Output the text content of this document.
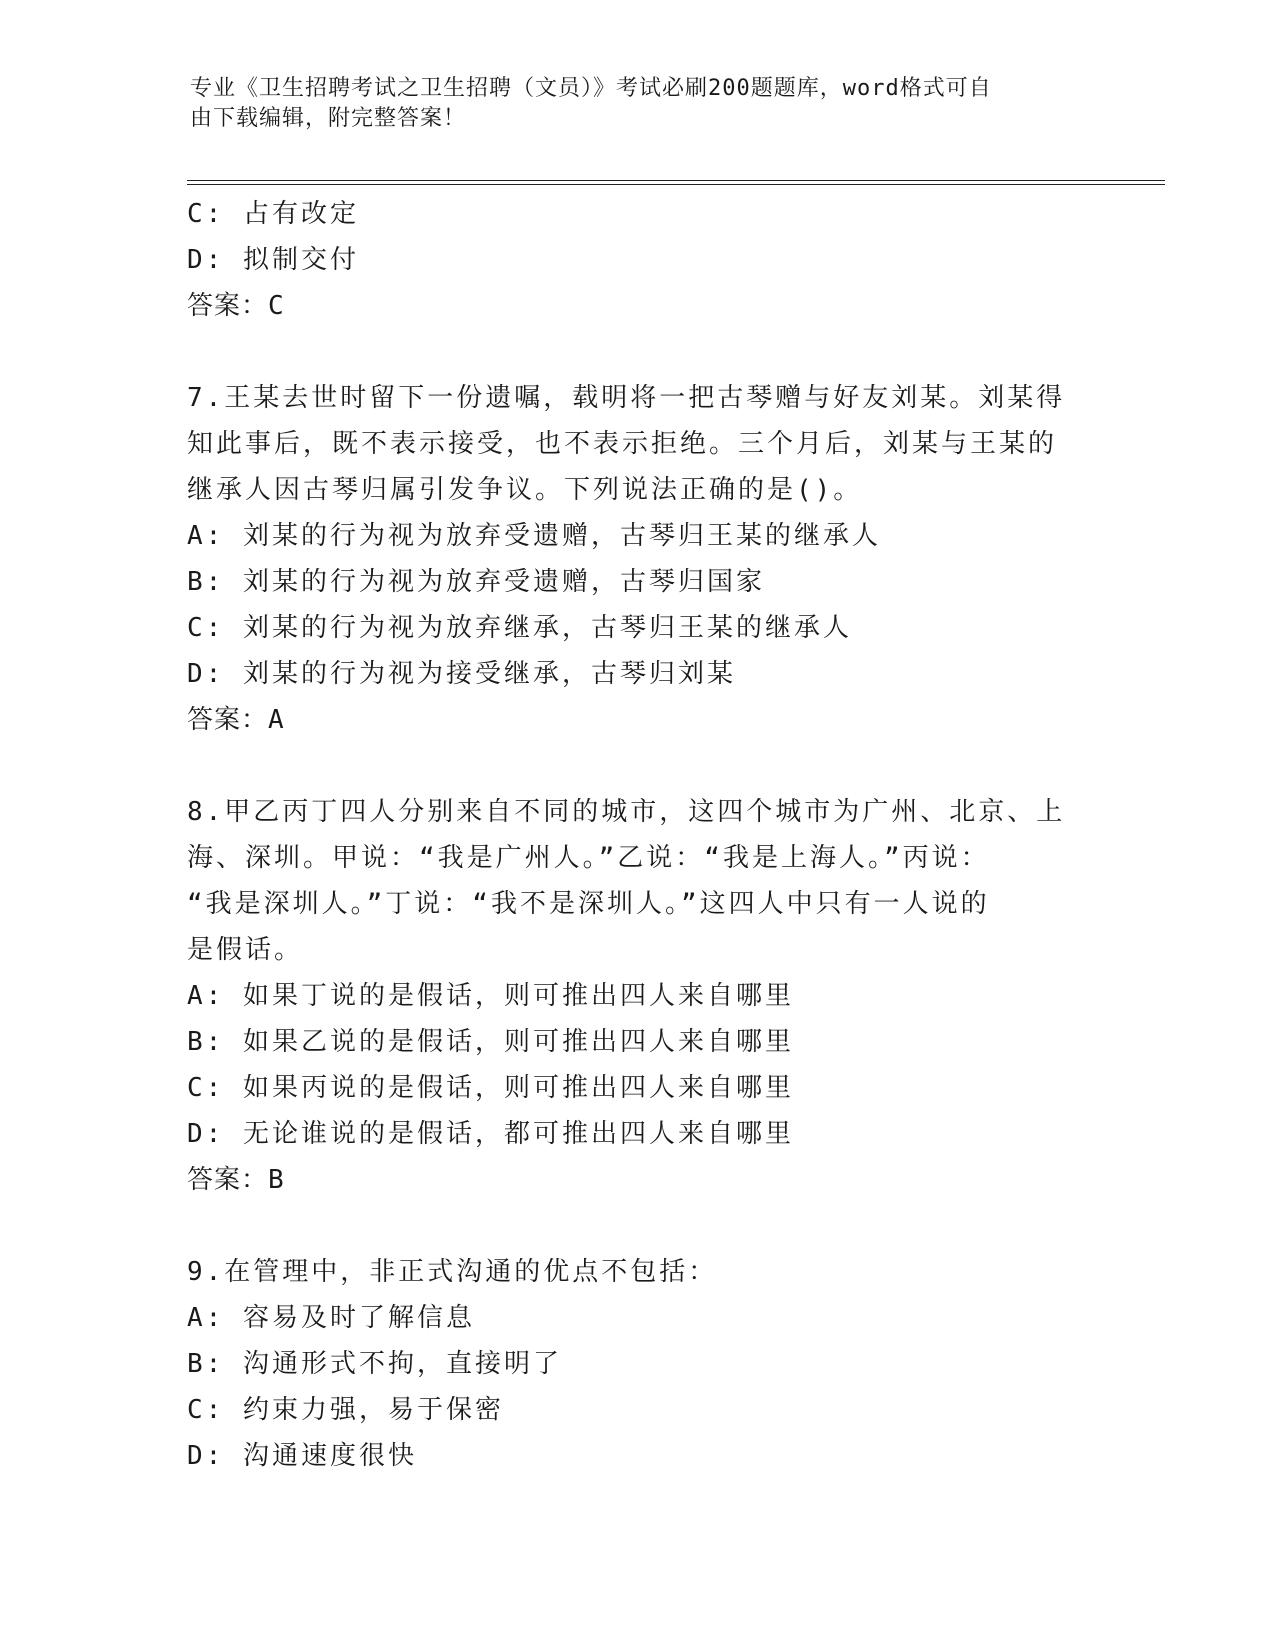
专业《卫生招聘考试之卫生招聘（文员）》考试必刷200题题库，word格式可自
由下载编辑，附完整答案！
C: 占有改定
D: 拟制交付
答案：C
7.王某去世时留下一份遗嘱，载明将一把古琴赠与好友刘某。刘某得
知此事后，既不表示接受，也不表示拒绝。三个月后，刘某与王某的
继承人因古琴归属引发争议。下列说法正确的是()。
A: 刘某的行为视为放弃受遗赠，古琴归王某的继承人
B: 刘某的行为视为放弃受遗赠，古琴归国家
C: 刘某的行为视为放弃继承，古琴归王某的继承人
D: 刘某的行为视为接受继承，古琴归刘某
答案：A
8.甲乙丙丁四人分别来自不同的城市，这四个城市为广州、北京、上
海、深圳。甲说：“我是广州人。”乙说：“我是上海人。”丙说：
“我是深圳人。”丁说：“我不是深圳人。”这四人中只有一人说的
是假话。
A: 如果丁说的是假话，则可推出四人来自哪里
B: 如果乙说的是假话，则可推出四人来自哪里
C: 如果丙说的是假话，则可推出四人来自哪里
D: 无论谁说的是假话，都可推出四人来自哪里
答案：B
9.在管理中，非正式沟通的优点不包括：
A: 容易及时了解信息
B: 沟通形式不拘，直接明了
C: 约束力强，易于保密
D: 沟通速度很快
